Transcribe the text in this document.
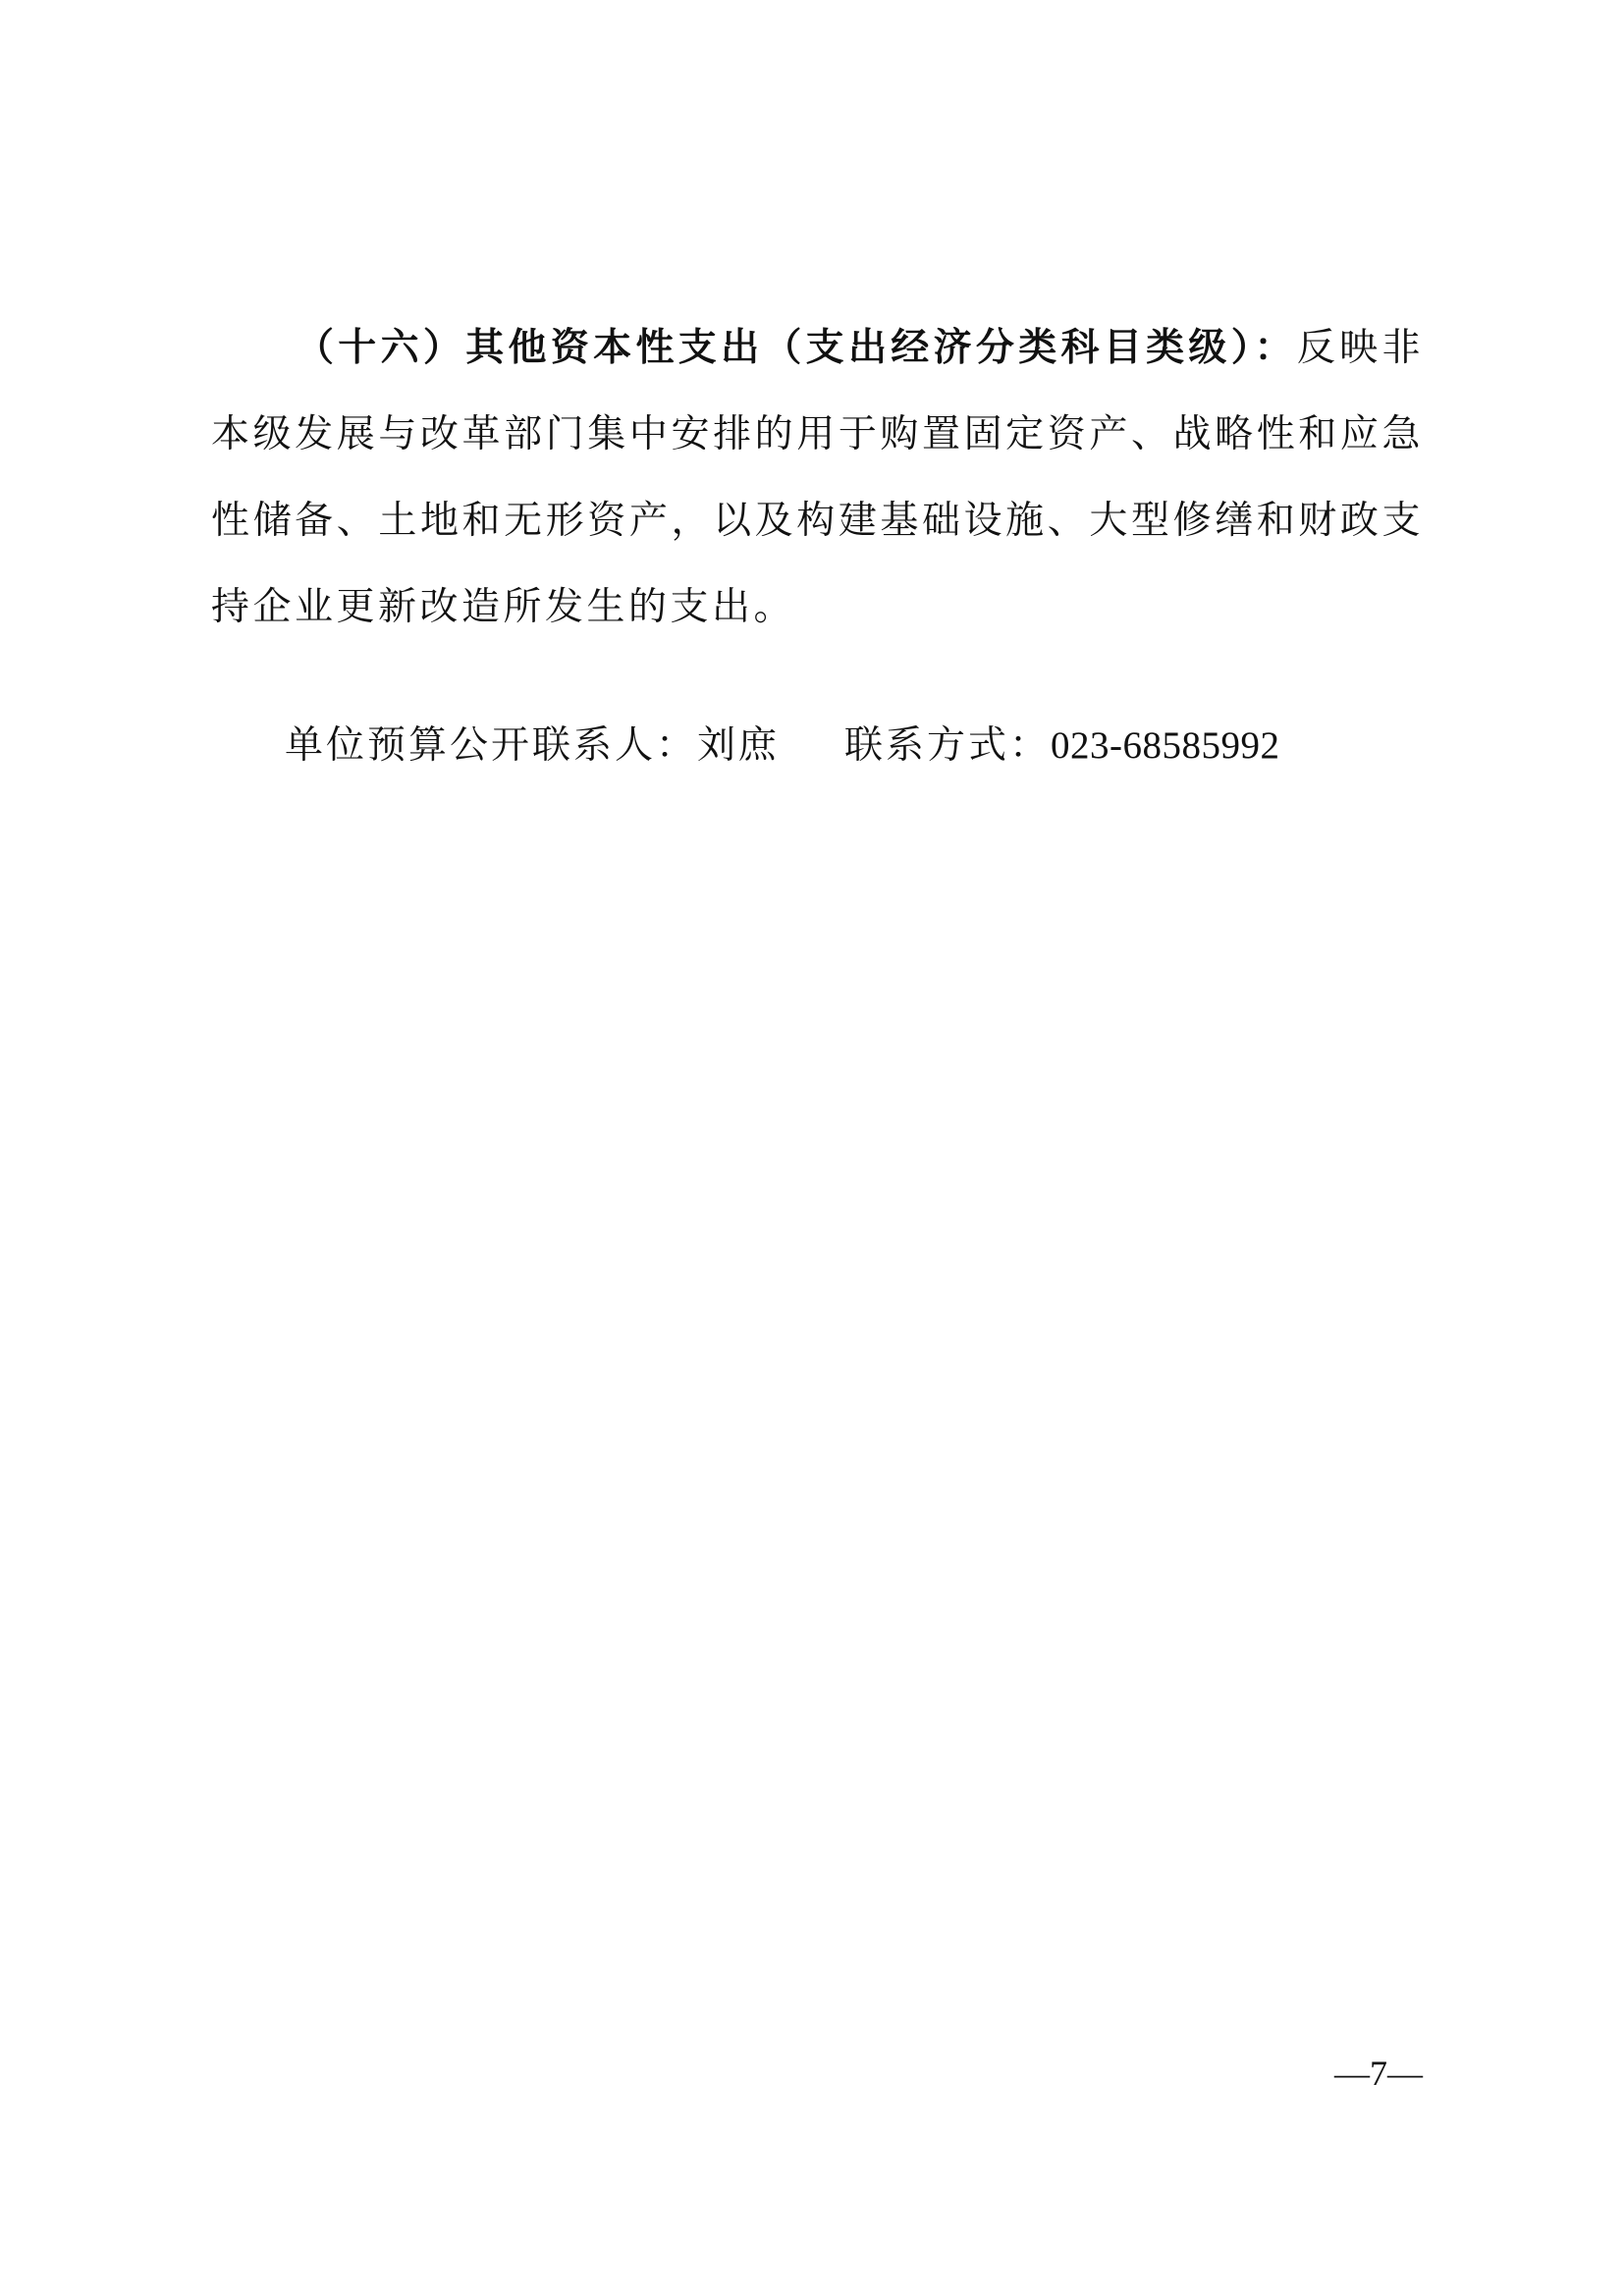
（十六）其他资本性支出（支出经济分类科目类级）：反映非本级发展与改革部门集中安排的用于购置固定资产、战略性和应急性储备、土地和无形资产，以及构建基础设施、大型修缮和财政支持企业更新改造所发生的支出。

单位预算公开联系人：刘庶 联系方式：023-68585992

—7—
